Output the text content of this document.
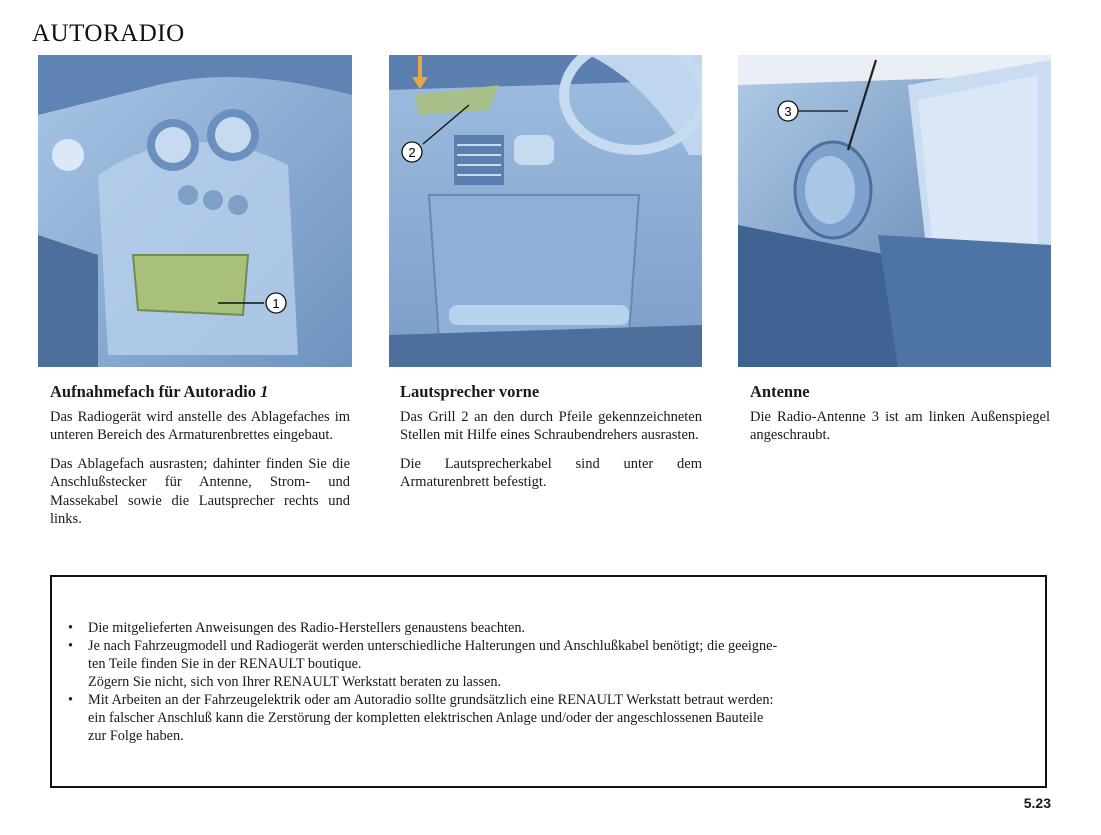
AUTORADIO
1
2
3
Aufnahmefach für Autoradio 1

Das Radiogerät wird anstelle des Ablagefaches im unteren Bereich des Armaturenbrettes eingebaut.

Das Ablagefach ausrasten; dahinter finden Sie die Anschlußstecker für Antenne, Strom- und Massekabel sowie die Lautsprecher rechts und links.

Lautsprecher vorne

Das Grill 2 an den durch Pfeile gekennzeichneten Stellen mit Hilfe eines Schraubendrehers ausrasten.

Die Lautsprecherkabel sind unter dem Armaturenbrett befestigt.

Antenne

Die Radio-Antenne 3 ist am linken Außenspiegel angeschraubt.

• Die mitgelieferten Anweisungen des Radio-Herstellers genaustens beachten.
• Je nach Fahrzeugmodell und Radiogerät werden unterschiedliche Halterungen und Anschlußkabel benötigt; die geeigne-
ten Teile finden Sie in der RENAULT boutique.
Zögern Sie nicht, sich von Ihrer RENAULT Werkstatt beraten zu lassen.
• Mit Arbeiten an der Fahrzeugelektrik oder am Autoradio sollte grundsätzlich eine RENAULT Werkstatt betraut werden:
ein falscher Anschluß kann die Zerstörung der kompletten elektrischen Anlage und/oder der angeschlossenen Bauteile
zur Folge haben.
5.23
